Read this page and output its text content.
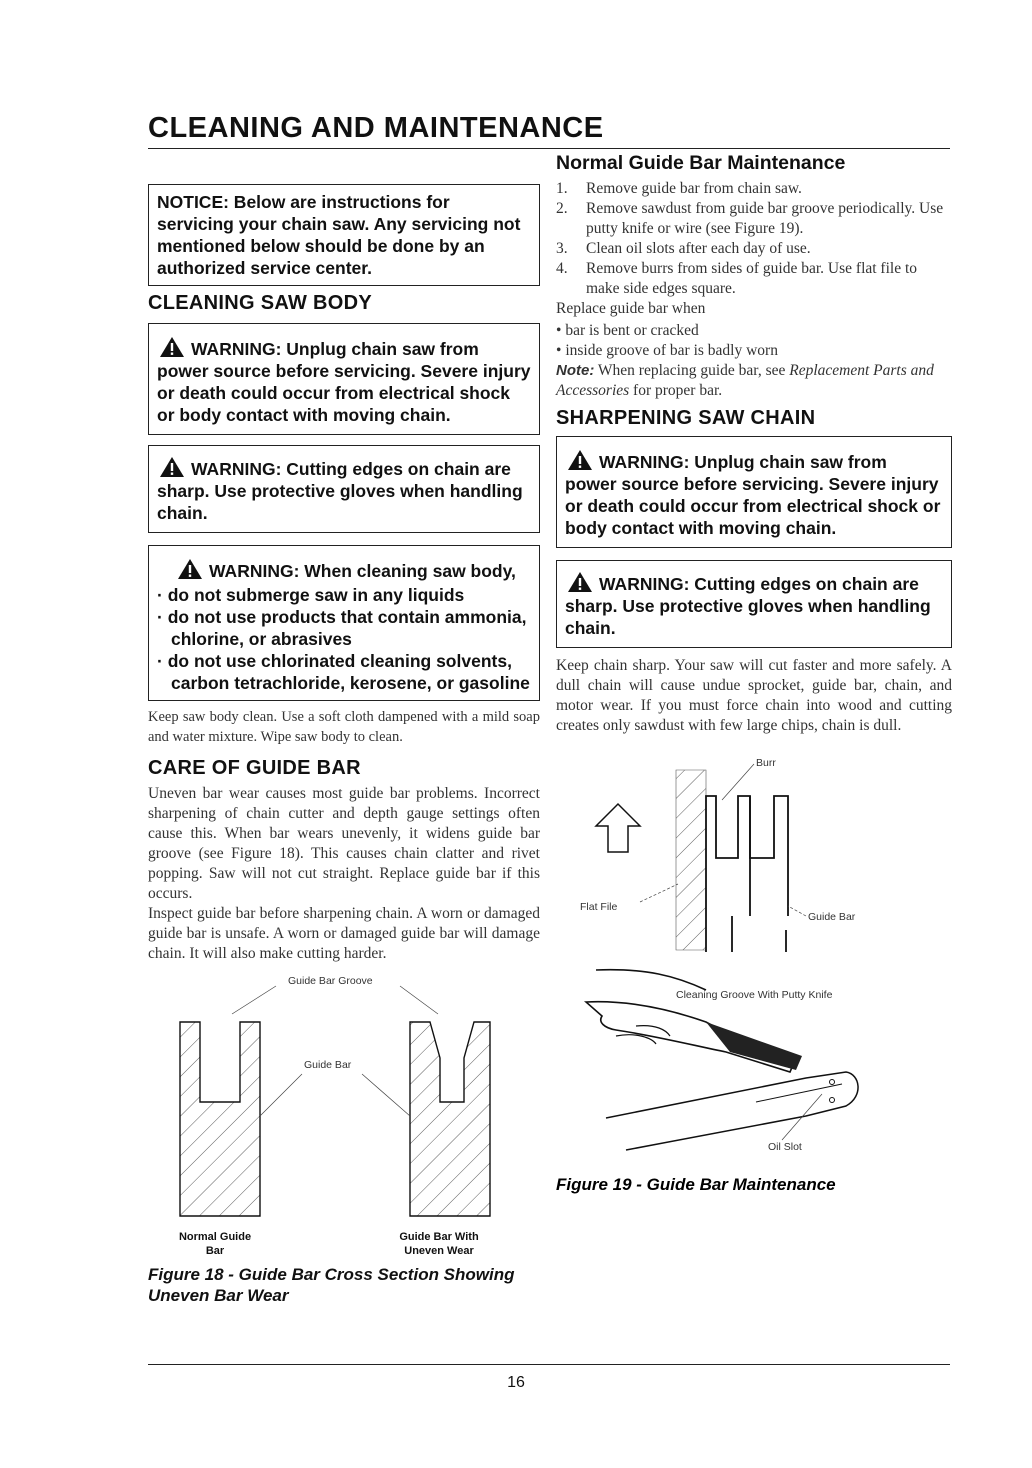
CLEANING AND MAINTENANCE
NOTICE: Below are instructions for servicing your chain saw. Any servicing not mentioned below should be done by an authorized service center.
CLEANING SAW BODY
WARNING: Unplug chain saw from power source before servicing. Severe injury or death could occur from electrical shock or body contact with moving chain.
WARNING: Cutting edges on chain are sharp. Use protective gloves when handling chain.
WARNING: When cleaning saw body,
· do not submerge saw in any liquids
· do not use products that contain ammonia, chlorine, or abrasives
· do not use chlorinated cleaning solvents, carbon tetrachloride, kerosene, or gasoline

Keep saw body clean. Use a soft cloth dampened with a mild soap and water mixture. Wipe saw body to clean.

CARE OF GUIDE BAR

Uneven bar wear causes most guide bar problems. Incorrect sharpening of chain cutter and depth gauge settings often cause this. When bar wears unevenly, it widens guide bar groove (see Figure 18). This causes chain clatter and rivet popping. Saw will not cut straight. Replace guide bar if this occurs.

Inspect guide bar before sharpening chain. A worn or damaged guide bar is unsafe. A worn or damaged guide bar will damage chain. It will also make cutting harder.

Guide Bar Groove
Guide Bar
Normal Guide
Bar
Guide Bar With
Uneven Wear
Figure 18 - Guide Bar Cross Section Showing Uneven Bar Wear
Normal Guide Bar Maintenance
1. Remove guide bar from chain saw.
2. Remove sawdust from guide bar groove periodically. Use putty knife or wire (see Figure 19).
3. Clean oil slots after each day of use.
4. Remove burrs from sides of guide bar. Use flat file to make side edges square.

Replace guide bar when

• bar is bent or cracked
• inside groove of bar is badly worn

Note: When replacing guide bar, see Replacement Parts and Accessories for proper bar.

SHARPENING SAW CHAIN
WARNING: Unplug chain saw from power source before servicing. Severe injury or death could occur from electrical shock or body contact with moving chain.
WARNING: Cutting edges on chain are sharp. Use protective gloves when handling chain.

Keep chain sharp. Your saw will cut faster and more safely. A dull chain will cause undue sprocket, guide bar, chain, and motor wear. If you must force chain into wood and cutting creates only sawdust with few large chips, chain is dull.

Burr
Flat File
Guide Bar
Cleaning Groove With Putty Knife
Oil Slot
Figure 19 - Guide Bar Maintenance
16
